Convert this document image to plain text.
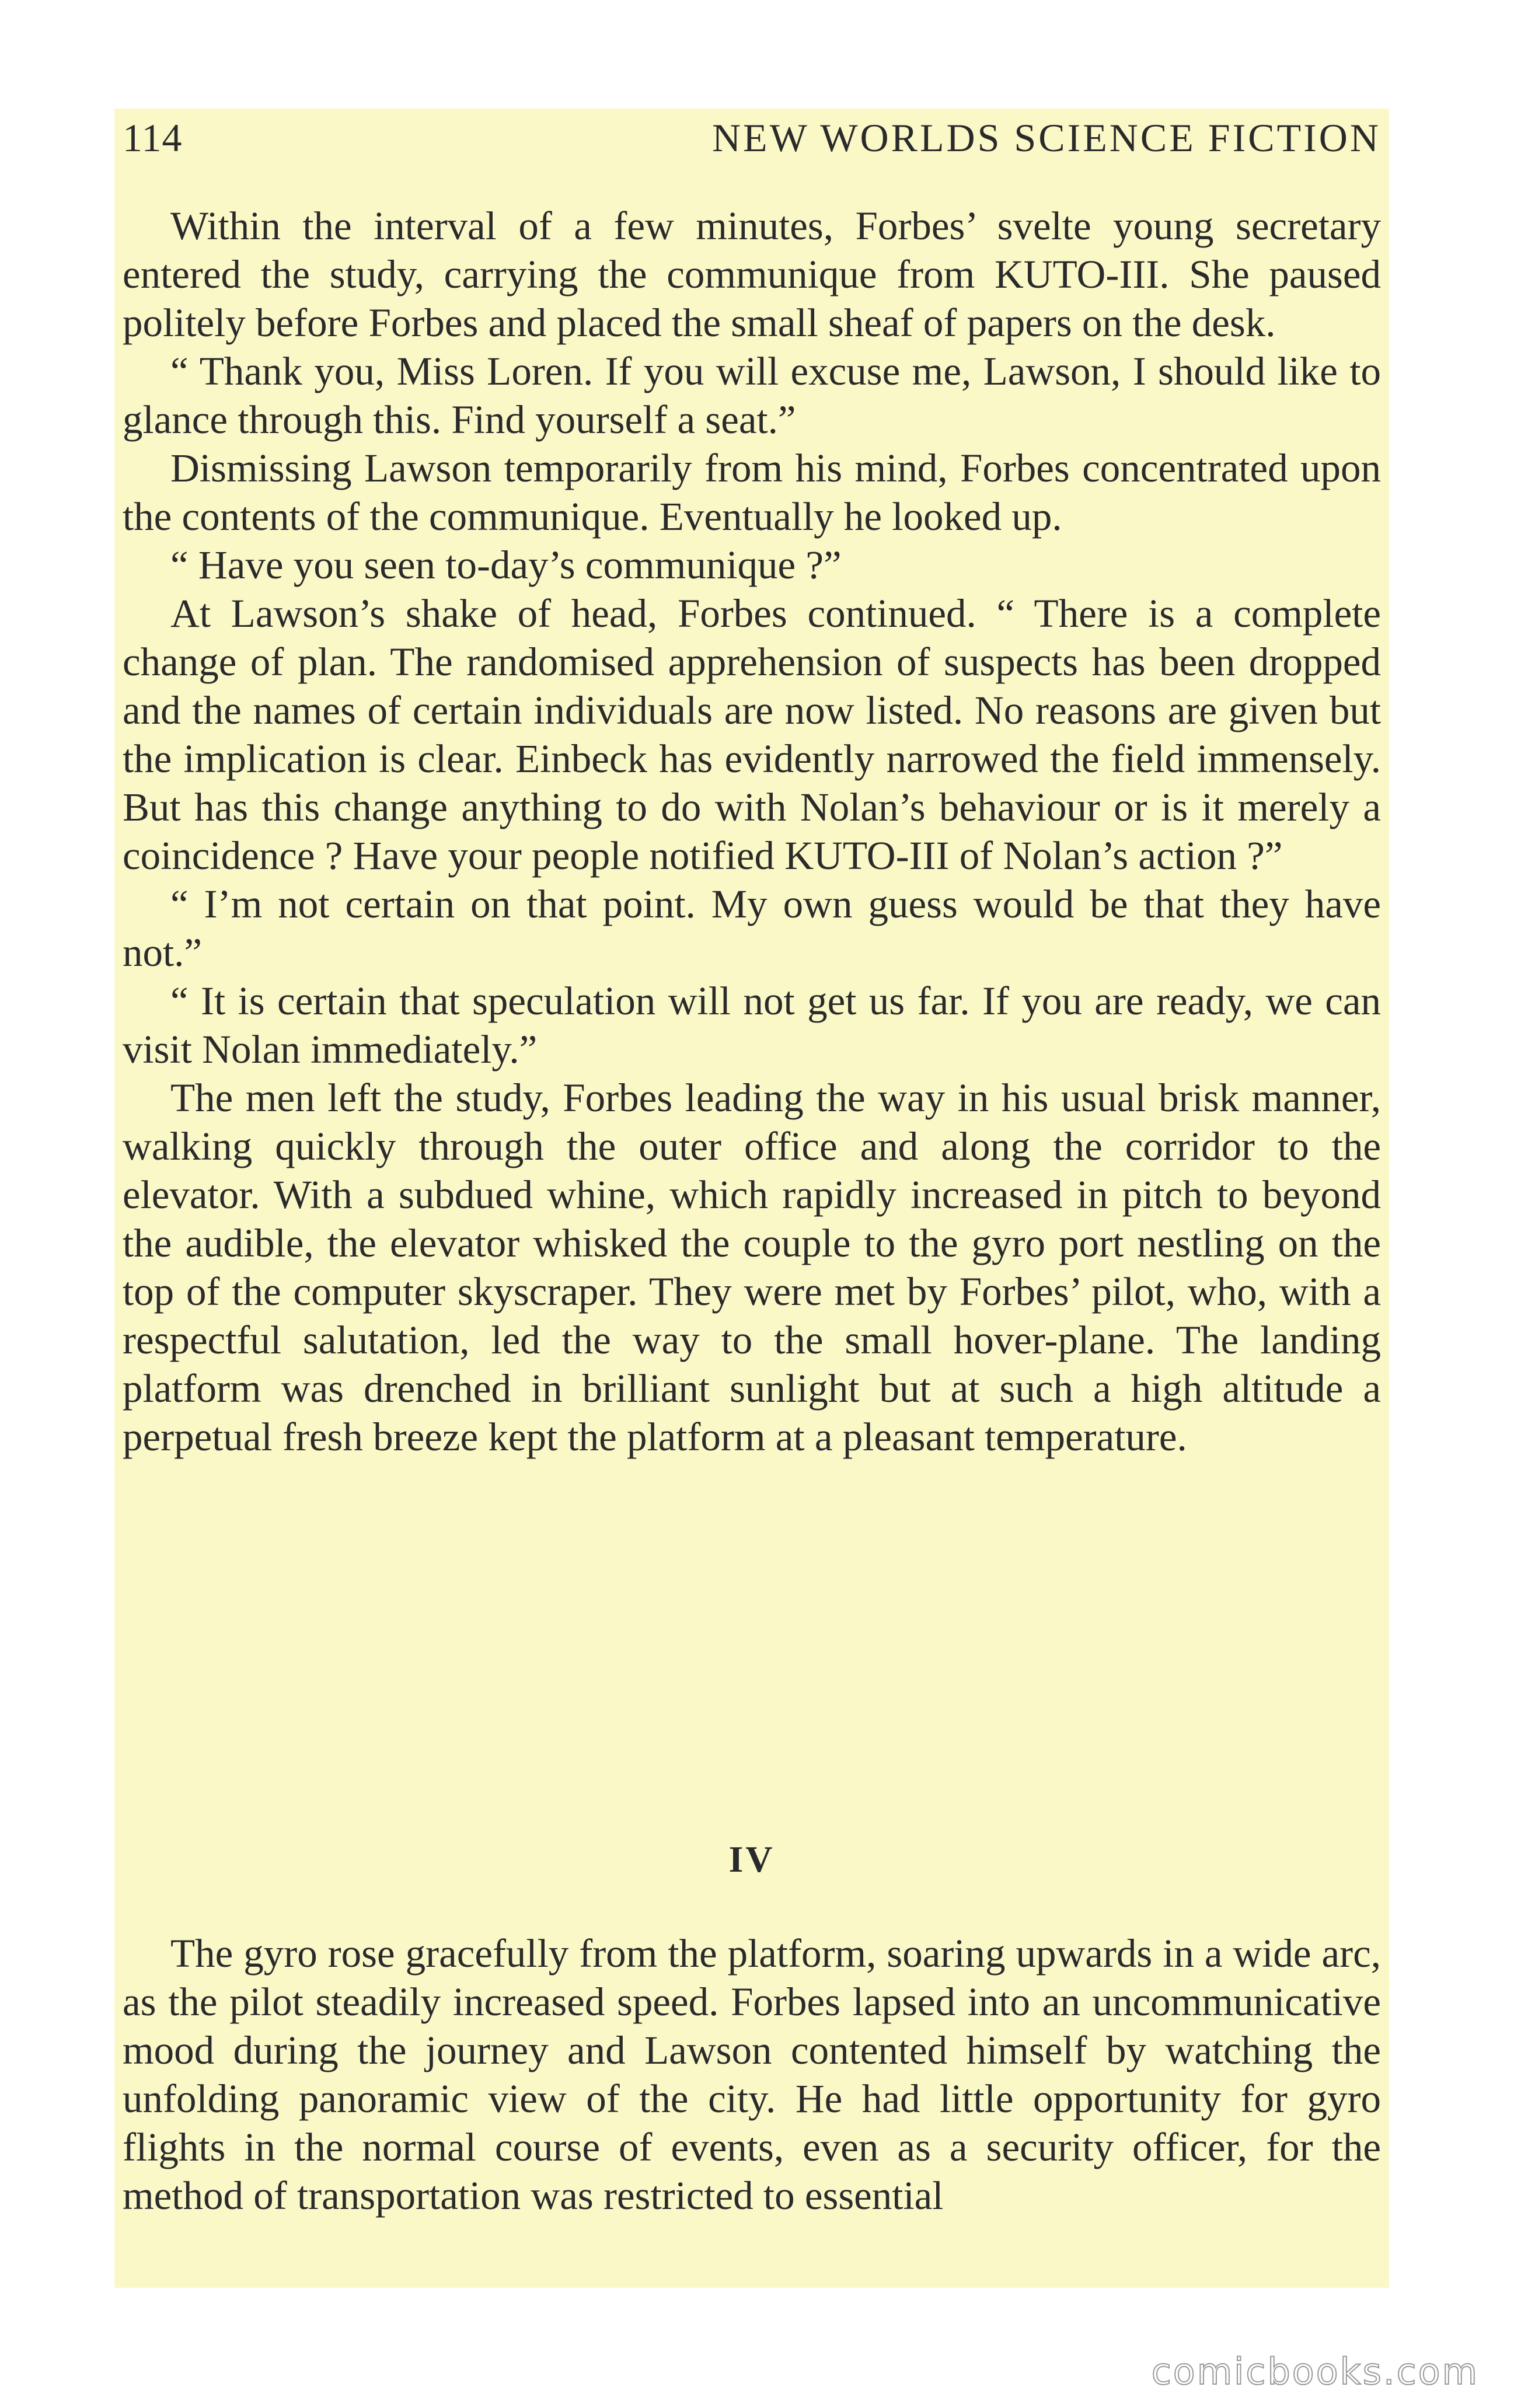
114	NEW WORLDS SCIENCE FICTION

Within the interval of a few minutes, Forbes’ svelte young secretary entered the study, carrying the communique from KUTO-III. She paused politely before Forbes and placed the small sheaf of papers on the desk.

“ Thank you, Miss Loren. If you will excuse me, Lawson, I should like to glance through this. Find yourself a seat.”

Dismissing Lawson temporarily from his mind, Forbes concentrated upon the contents of the communique. Eventually he looked up.

“ Have you seen to-day’s communique ?”

At Lawson’s shake of head, Forbes continued. “ There is a complete change of plan. The randomised apprehension of suspects has been dropped and the names of certain individuals are now listed. No reasons are given but the implication is clear. Einbeck has evidently narrowed the field immensely. But has this change anything to do with Nolan’s behaviour or is it merely a coincidence ? Have your people notified KUTO-III of Nolan’s action ?”

“ I’m not certain on that point. My own guess would be that they have not.”

“ It is certain that speculation will not get us far. If you are ready, we can visit Nolan immediately.”

The men left the study, Forbes leading the way in his usual brisk manner, walking quickly through the outer office and along the corridor to the elevator. With a subdued whine, which rapidly increased in pitch to beyond the audible, the elevator whisked the couple to the gyro port nestling on the top of the computer skyscraper. They were met by Forbes’ pilot, who, with a respectful salutation, led the way to the small hover-plane. The landing platform was drenched in brilliant sunlight but at such a high altitude a perpetual fresh breeze kept the platform at a pleasant temperature.

IV

The gyro rose gracefully from the platform, soaring upwards in a wide arc, as the pilot steadily increased speed. Forbes lapsed into an uncommunicative mood during the journey and Lawson contented himself by watching the unfolding panoramic view of the city. He had little opportunity for gyro flights in the normal course of events, even as a security officer, for the method of transportation was restricted to essential

comicbooks.com
